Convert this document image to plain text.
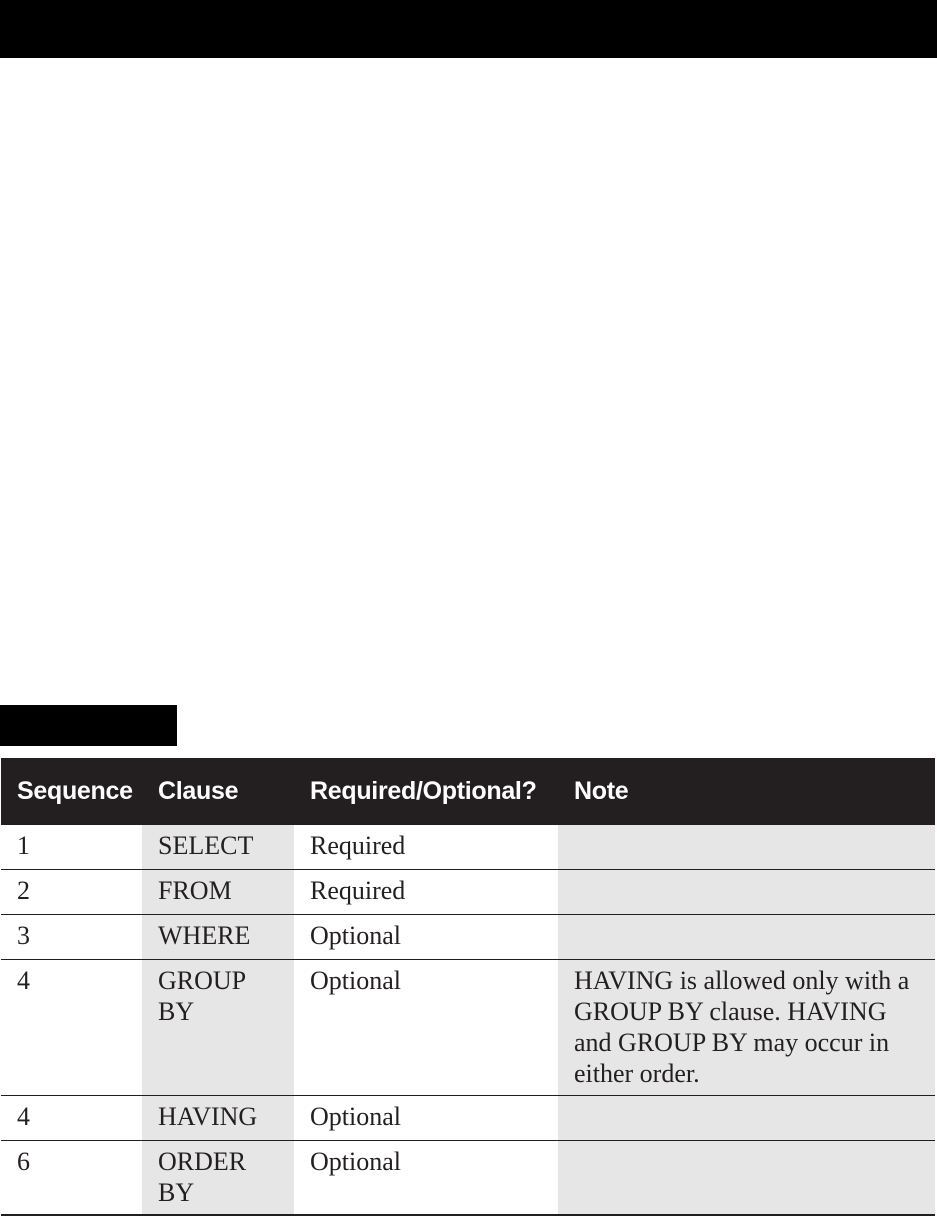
Sequence	Clause	Required/Optional?	Note
1	SELECT	Required	
2	FROM	Required	
3	WHERE	Optional	
4	GROUP BY	Optional	HAVING is allowed only with a GROUP BY clause. HAVING and GROUP BY may occur in either order.
4	HAVING	Optional	
6	ORDER BY	Optional	
